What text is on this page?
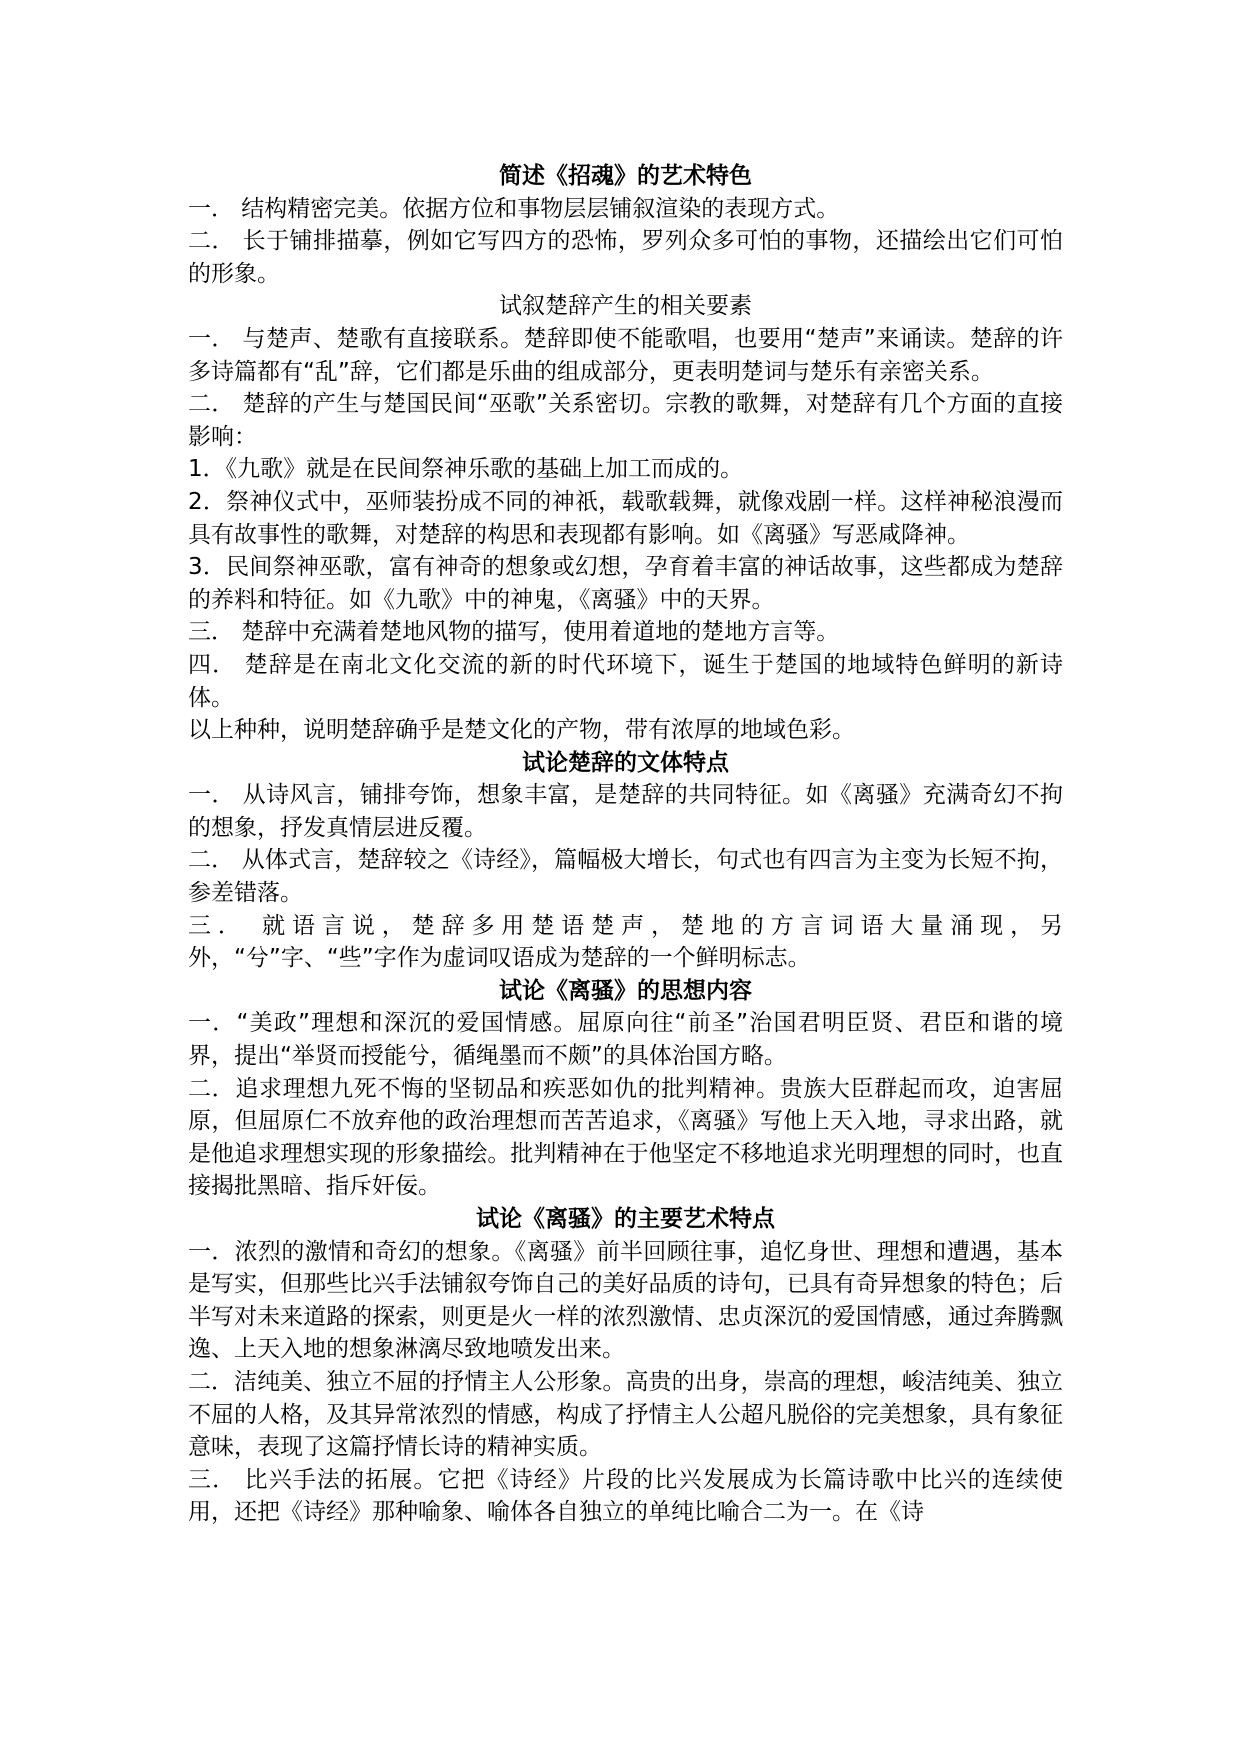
简述《招魂》的艺术特色

一． 结构精密完美。依据方位和事物层层铺叙渲染的表现方式。

二． 长于铺排描摹，例如它写四方的恐怖，罗列众多可怕的事物，还描绘出它们可怕的形象。

试叙楚辞产生的相关要素

一． 与楚声、楚歌有直接联系。楚辞即使不能歌唱，也要用“楚声”来诵读。楚辞的许多诗篇都有“乱”辞，它们都是乐曲的组成部分，更表明楚词与楚乐有亲密关系。

二． 楚辞的产生与楚国民间“巫歌”关系密切。宗教的歌舞，对楚辞有几个方面的直接影响：

1．《九歌》就是在民间祭神乐歌的基础上加工而成的。

2．祭神仪式中，巫师装扮成不同的神祇，载歌载舞，就像戏剧一样。这样神秘浪漫而具有故事性的歌舞，对楚辞的构思和表现都有影响。如《离骚》写恶咸降神。

3．民间祭神巫歌，富有神奇的想象或幻想，孕育着丰富的神话故事，这些都成为楚辞的养料和特征。如《九歌》中的神鬼，《离骚》中的天界。

三． 楚辞中充满着楚地风物的描写，使用着道地的楚地方言等。

四． 楚辞是在南北文化交流的新的时代环境下，诞生于楚国的地域特色鲜明的新诗体。

以上种种，说明楚辞确乎是楚文化的产物，带有浓厚的地域色彩。

试论楚辞的文体特点

一． 从诗风言，铺排夸饰，想象丰富，是楚辞的共同特征。如《离骚》充满奇幻不拘的想象，抒发真情层进反覆。

二． 从体式言，楚辞较之《诗经》，篇幅极大增长，句式也有四言为主变为长短不拘，参差错落。

三． 就语言说，楚辞多用楚语楚声，楚地的方言词语大量涌现，另外，“兮”字、“些”字作为虚词叹语成为楚辞的一个鲜明标志。

试论《离骚》的思想内容

一．“美政”理想和深沉的爱国情感。屈原向往“前圣”治国君明臣贤、君臣和谐的境界，提出“举贤而授能兮，循绳墨而不颇”的具体治国方略。

二．追求理想九死不悔的坚韧品和疾恶如仇的批判精神。贵族大臣群起而攻，迫害屈原，但屈原仁不放弃他的政治理想而苦苦追求，《离骚》写他上天入地，寻求出路，就是他追求理想实现的形象描绘。批判精神在于他坚定不移地追求光明理想的同时，也直接揭批黑暗、指斥奸佞。

试论《离骚》的主要艺术特点

一．浓烈的激情和奇幻的想象。《离骚》前半回顾往事，追忆身世、理想和遭遇，基本是写实，但那些比兴手法铺叙夸饰自己的美好品质的诗句，已具有奇异想象的特色；后半写对未来道路的探索，则更是火一样的浓烈激情、忠贞深沉的爱国情感，通过奔腾飘逸、上天入地的想象淋漓尽致地喷发出来。

二．洁纯美、独立不屈的抒情主人公形象。高贵的出身，崇高的理想，峻洁纯美、独立不屈的人格，及其异常浓烈的情感，构成了抒情主人公超凡脱俗的完美想象，具有象征意味，表现了这篇抒情长诗的精神实质。

三． 比兴手法的拓展。它把《诗经》片段的比兴发展成为长篇诗歌中比兴的连续使用，还把《诗经》那种喻象、喻体各自独立的单纯比喻合二为一。在《诗
